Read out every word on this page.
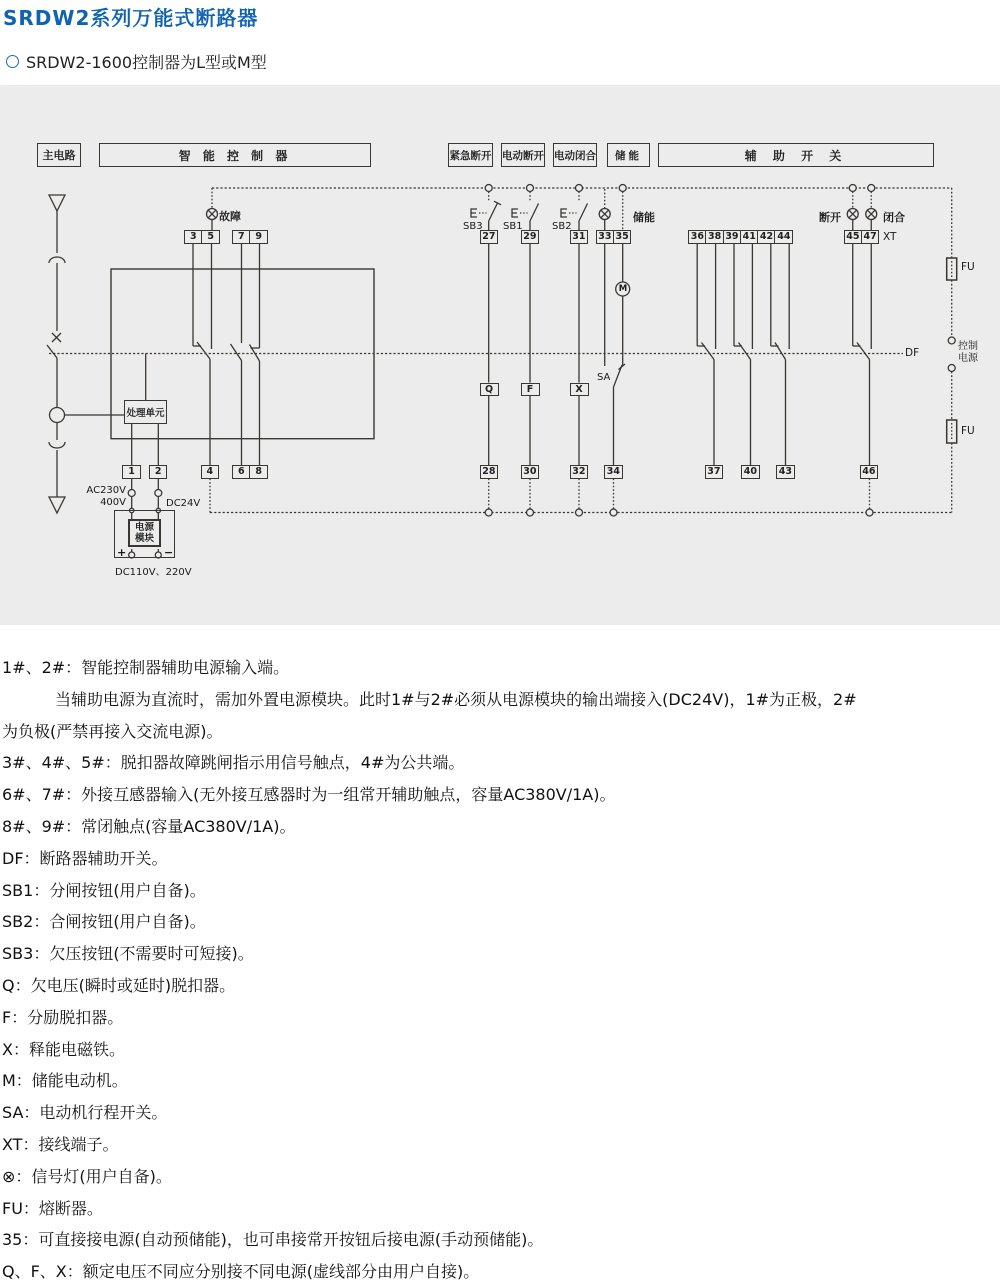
SRDW2系列万能式断路器
SRDW2-1600控制器为L型或M型
主电路	智 能 控 制 器	紧急断开 电动断开 电动闭合	储能	辅 助 开 关
3	5	7	9	27	29	31 33 35	36 38 39 41 42 44	45 47
1	2	4	6	8	28	30	32 34	37 40 43	46
处理单元
Q	F	X
M
SA
DF
XT
故障	储能	断开	闭合
FU
FU
控制
电源
SB3 SB1	SB2
电源
模块
+	−
AC230V
400V	DC24V
DC110V、220V
1#、2#：智能控制器辅助电源输入端。
当辅助电源为直流时，需加外置电源模块。此时1#与2#必须从电源模块的输出端接入(DC24V)，1#为正极，2#
为负极(严禁再接入交流电源)。
3#、4#、5#：脱扣器故障跳闸指示用信号触点，4#为公共端。
6#、7#：外接互感器输入(无外接互感器时为一组常开辅助触点，容量AC380V/1A)。
8#、9#：常闭触点(容量AC380V/1A)。
DF：断路器辅助开关。
SB1：分闸按钮(用户自备)。
SB2：合闸按钮(用户自备)。
SB3：欠压按钮(不需要时可短接)。
Q：欠电压(瞬时或延时)脱扣器。
F：分励脱扣器。
X：释能电磁铁。
M：储能电动机。
SA：电动机行程开关。
XT：接线端子。
⊗：信号灯(用户自备)。
FU：熔断器。
35：可直接接电源(自动预储能)，也可串接常开按钮后接电源(手动预储能)。
Q、F、X：额定电压不同应分别接不同电源(虚线部分由用户自接)。
